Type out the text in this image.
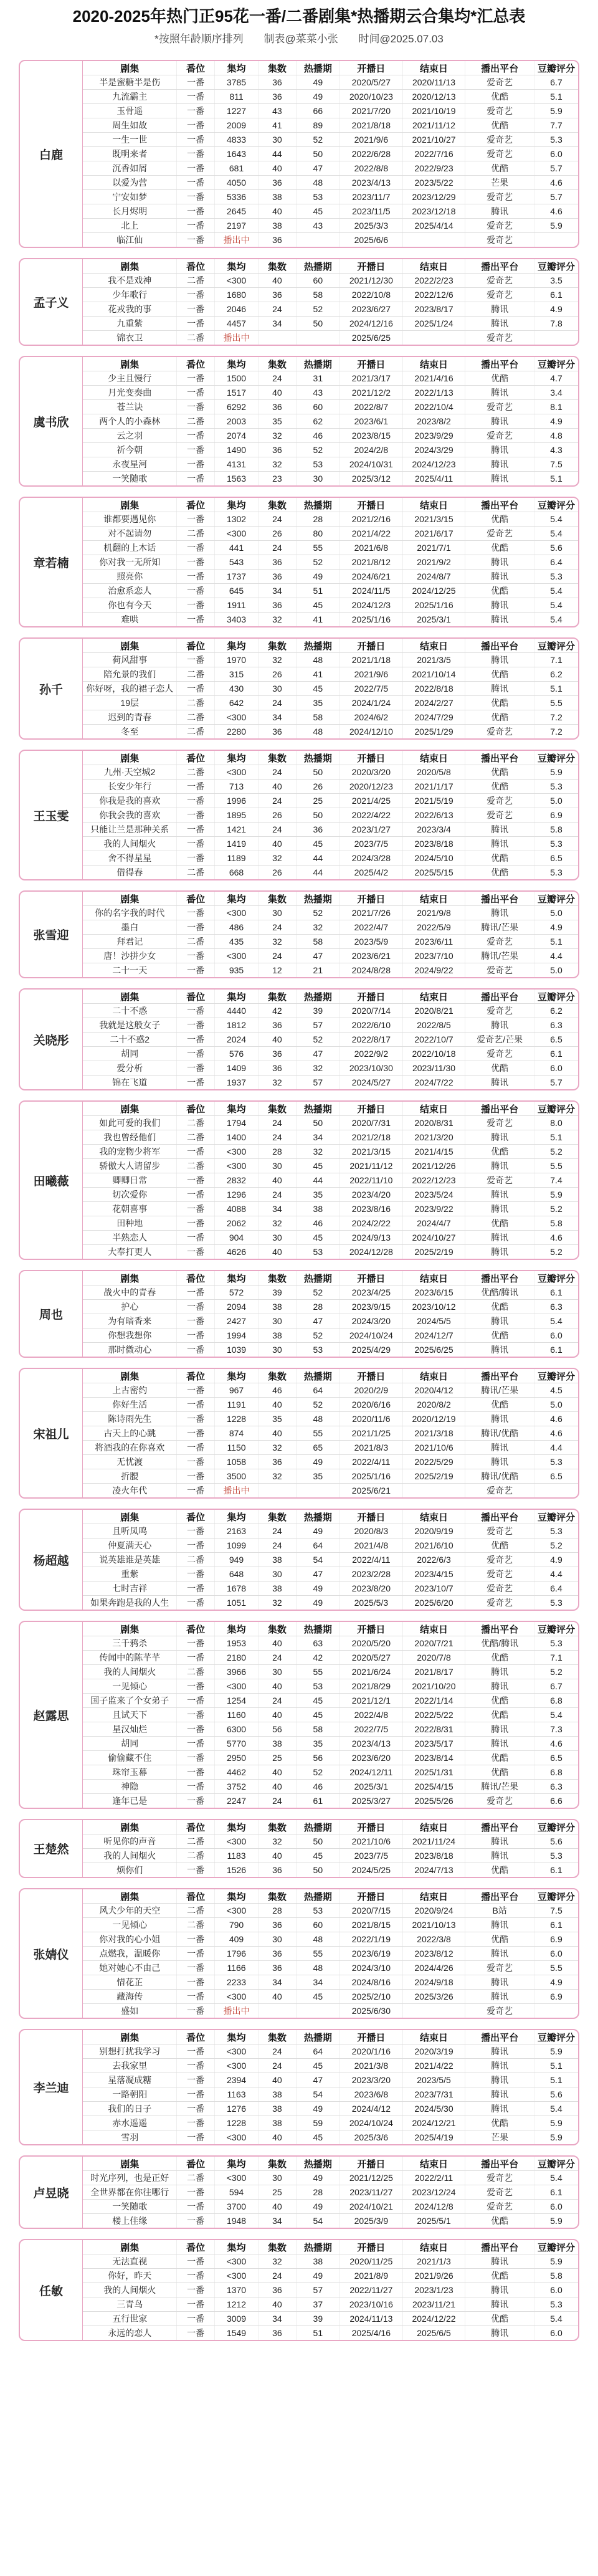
2020-2025年热门正95花一番/二番剧集*热播期云合集均*汇总表
*按照年龄顺序排列 制表@菜菜小张 时间@2025.07.03
白鹿
剧集	番位	集均	集数	热播期	开播日	结束日	播出平台	豆瓣评分
半是蜜糖半是伤	一番	3785	36	49	2020/5/27	2020/11/13	爱奇艺	6.7
九流霸主	一番	811	36	49	2020/10/23	2020/12/13	优酷	5.1
玉骨遥	一番	1227	43	66	2021/7/20	2021/10/19	爱奇艺	5.9
周生如故	一番	2009	41	89	2021/8/18	2021/11/12	优酷	7.7
一生一世	一番	4833	30	52	2021/9/6	2021/10/27	爱奇艺	5.3
既明来者	一番	1643	44	50	2022/6/28	2022/7/16	爱奇艺	6.0
沉香如屑	一番	681	40	47	2022/8/8	2022/9/23	优酷	5.7
以爱为营	一番	4050	36	48	2023/4/13	2023/5/22	芒果	4.6
宁安如梦	一番	5336	38	53	2023/11/7	2023/12/29	爱奇艺	5.7
长月烬明	一番	2645	40	45	2023/11/5	2023/12/18	腾讯	4.6
北上	一番	2197	38	43	2025/3/3	2025/4/14	爱奇艺	5.9
临江仙	一番	播出中	36		2025/6/6		爱奇艺	
孟子义
剧集	番位	集均	集数	热播期	开播日	结束日	播出平台	豆瓣评分
我不是戏神	二番	<300	40	60	2021/12/30	2022/2/23	爱奇艺	3.5
少年歌行	一番	1680	36	58	2022/10/8	2022/12/6	爱奇艺	6.1
花戎我的事	一番	2046	24	52	2023/6/27	2023/8/17	腾讯	4.9
九重紫	一番	4457	34	50	2024/12/16	2025/1/24	腾讯	7.8
锦衣卫	二番	播出中			2025/6/25		爱奇艺	
虞书欣
剧集	番位	集均	集数	热播期	开播日	结束日	播出平台	豆瓣评分
少主且慢行	一番	1500	24	31	2021/3/17	2021/4/16	优酷	4.7
月光变奏曲	一番	1517	40	43	2021/12/2	2022/1/13	腾讯	3.4
苍兰诀	一番	6292	36	60	2022/8/7	2022/10/4	爱奇艺	8.1
两个人的小森林	二番	2003	35	62	2023/6/1	2023/8/2	腾讯	4.9
云之羽	一番	2074	32	46	2023/8/15	2023/9/29	爱奇艺	4.8
祈今朝	一番	1490	36	52	2024/2/8	2024/3/29	腾讯	4.3
永夜星河	一番	4131	32	53	2024/10/31	2024/12/23	腾讯	7.5
一笑随歌	一番	1563	23	30	2025/3/12	2025/4/11	腾讯	5.1
章若楠
剧集	番位	集均	集数	热播期	开播日	结束日	播出平台	豆瓣评分
谁都要遇见你	一番	1302	24	28	2021/2/16	2021/3/15	优酷	5.4
对不起请勿	二番	<300	26	80	2021/4/22	2021/6/17	爱奇艺	5.4
机翻的上木话	一番	441	24	55	2021/6/8	2021/7/1	优酷	5.6
你对我一无所知	一番	543	36	52	2021/8/12	2021/9/2	腾讯	6.4
照亮你	一番	1737	36	49	2024/6/21	2024/8/7	腾讯	5.3
治愈系恋人	一番	645	34	51	2024/11/5	2024/12/25	优酷	5.4
你也有今天	一番	1911	36	45	2024/12/3	2025/1/16	腾讯	5.4
难哄	一番	3403	32	41	2025/1/16	2025/3/1	腾讯	5.4
孙千
剧集	番位	集均	集数	热播期	开播日	结束日	播出平台	豆瓣评分
荷风甜事	一番	1970	32	48	2021/1/18	2021/3/5	腾讯	7.1
陪允景的我们	二番	315	26	41	2021/9/6	2021/10/14	优酷	6.2
你好呀，我的裙子恋人	一番	430	30	45	2022/7/5	2022/8/18	腾讯	5.1
19层	二番	642	24	35	2024/1/24	2024/2/27	优酷	5.5
迟到的青春	二番	<300	34	58	2024/6/2	2024/7/29	优酷	7.2
冬至	二番	2280	36	48	2024/12/10	2025/1/29	爱奇艺	7.2
王玉雯
剧集	番位	集均	集数	热播期	开播日	结束日	播出平台	豆瓣评分
九州·天空城2	二番	<300	24	50	2020/3/20	2020/5/8	优酷	5.9
长安少年行	一番	713	40	26	2020/12/23	2021/1/17	优酷	5.3
你我是我的喜欢	一番	1996	24	25	2021/4/25	2021/5/19	爱奇艺	5.0
你我会我的喜欢	一番	1895	26	50	2022/4/22	2022/6/13	爱奇艺	6.9
只能让兰是那种关系	一番	1421	24	36	2023/1/27	2023/3/4	腾讯	5.8
我的人间烟火	一番	1419	40	45	2023/7/5	2023/8/18	腾讯	5.3
舍不得星星	一番	1189	32	44	2024/3/28	2024/5/10	优酷	6.5
借得春	二番	668	26	44	2025/4/2	2025/5/15	优酷	5.3
张雪迎
剧集	番位	集均	集数	热播期	开播日	结束日	播出平台	豆瓣评分
你的名字我的时代	一番	<300	30	52	2021/7/26	2021/9/8	腾讯	5.0
墨白	一番	486	24	32	2022/4/7	2022/5/9	腾讯/芒果	4.9
拜君记	二番	435	32	58	2023/5/9	2023/6/11	爱奇艺	5.1
唐！沙拼少女	一番	<300	24	47	2023/6/21	2023/7/10	腾讯/芒果	4.4
二十一天	一番	935	12	21	2024/8/28	2024/9/22	爱奇艺	5.0
关晓彤
剧集	番位	集均	集数	热播期	开播日	结束日	播出平台	豆瓣评分
二十不惑	一番	4440	42	39	2020/7/14	2020/8/21	爱奇艺	6.2
我就是这般女子	一番	1812	36	57	2022/6/10	2022/8/5	腾讯	6.3
二十不惑2	一番	2024	40	52	2022/8/17	2022/10/7	爱奇艺/芒果	6.5
胡同	一番	576	36	47	2022/9/2	2022/10/18	爱奇艺	6.1
爱分析	一番	1409	36	32	2023/10/30	2023/11/30	优酷	6.0
锦在飞道	一番	1937	32	57	2024/5/27	2024/7/22	腾讯	5.7
田曦薇
剧集	番位	集均	集数	热播期	开播日	结束日	播出平台	豆瓣评分
如此可爱的我们	二番	1794	24	50	2020/7/31	2020/8/31	爱奇艺	8.0
我也曾经他们	二番	1400	24	34	2021/2/18	2021/3/20	腾讯	5.1
我的宠物少将军	一番	<300	28	32	2021/3/15	2021/4/15	优酷	5.2
骄傲大人请留步	二番	<300	30	45	2021/11/12	2021/12/26	腾讯	5.5
卿卿日常	一番	2832	40	44	2022/11/10	2022/12/23	爱奇艺	7.4
切次爱你	一番	1296	24	35	2023/4/20	2023/5/24	腾讯	5.9
花朝喜事	一番	4088	34	38	2023/8/16	2023/9/22	腾讯	5.2
田种地	一番	2062	32	46	2024/2/22	2024/4/7	优酷	5.8
半熟恋人	一番	904	30	45	2024/9/13	2024/10/27	腾讯	4.6
大奉打更人	一番	4626	40	53	2024/12/28	2025/2/19	腾讯	5.2
周也
剧集	番位	集均	集数	热播期	开播日	结束日	播出平台	豆瓣评分
战火中的青春	一番	572	39	52	2023/4/25	2023/6/15	优酷/腾讯	6.1
护心	一番	2094	38	28	2023/9/15	2023/10/12	优酷	6.3
为有暗香来	一番	2427	30	47	2024/3/20	2024/5/5	腾讯	5.4
你想我想你	一番	1994	38	52	2024/10/24	2024/12/7	优酷	6.0
那时微动心	一番	1039	30	53	2025/4/29	2025/6/25	腾讯	6.1
宋祖儿
剧集	番位	集均	集数	热播期	开播日	结束日	播出平台	豆瓣评分
上古密约	一番	967	46	64	2020/2/9	2020/4/12	腾讯/芒果	4.5
你好生活	一番	1191	40	52	2020/6/16	2020/8/2	优酷	5.0
陈诗雨先生	一番	1228	35	48	2020/11/6	2020/12/19	腾讯	4.6
古天上的心跳	一番	874	40	55	2021/1/25	2021/3/18	腾讯/优酷	4.6
将酒我的在你喜欢	一番	1150	32	65	2021/8/3	2021/10/6	腾讯	4.4
无忧渡	一番	1058	36	49	2022/4/11	2022/5/29	腾讯	5.3
折腰	一番	3500	32	35	2025/1/16	2025/2/19	腾讯/优酷	6.5
凌火年代	一番	播出中			2025/6/21		爱奇艺	
杨超越
剧集	番位	集均	集数	热播期	开播日	结束日	播出平台	豆瓣评分
且听凤鸣	一番	2163	24	49	2020/8/3	2020/9/19	爱奇艺	5.3
仲夏满天心	一番	1099	24	64	2021/4/8	2021/6/10	优酷	5.2
说英雄谁是英雄	二番	949	38	54	2022/4/11	2022/6/3	爱奇艺	4.9
重紫	一番	648	30	47	2023/2/28	2023/4/15	爱奇艺	4.4
七时吉祥	一番	1678	38	49	2023/8/20	2023/10/7	爱奇艺	6.4
如果奔跑是我的人生	一番	1051	32	49	2025/5/3	2025/6/20	爱奇艺	5.3
赵露思
剧集	番位	集均	集数	热播期	开播日	结束日	播出平台	豆瓣评分
三千鸦杀	一番	1953	40	63	2020/5/20	2020/7/21	优酷/腾讯	5.3
传闻中的陈芊芊	一番	2180	24	42	2020/5/27	2020/7/8	优酷	7.1
我的人间烟火	二番	3966	30	55	2021/6/24	2021/8/17	腾讯	5.2
一见倾心	一番	<300	40	53	2021/8/29	2021/10/20	腾讯	6.7
国子监来了个女弟子	一番	1254	24	45	2021/12/1	2022/1/14	优酷	6.8
且试天下	一番	1160	40	45	2022/4/8	2022/5/22	优酷	5.4
星汉灿烂	一番	6300	56	58	2022/7/5	2022/8/31	腾讯	7.3
胡同	一番	5770	38	35	2023/4/13	2023/5/17	腾讯	4.6
偷偷藏不住	一番	2950	25	56	2023/6/20	2023/8/14	优酷	6.5
珠帘玉幕	一番	4462	40	52	2024/12/11	2025/1/31	优酷	6.8
神隐	一番	3752	40	46	2025/3/1	2025/4/15	腾讯/芒果	6.3
逢年已是	一番	2247	24	61	2025/3/27	2025/5/26	爱奇艺	6.6
王楚然
剧集	番位	集均	集数	热播期	开播日	结束日	播出平台	豆瓣评分
听见你的声音	二番	<300	32	50	2021/10/6	2021/11/24	腾讯	5.6
我的人间烟火	二番	1183	40	45	2023/7/5	2023/8/18	腾讯	5.3
烦你们	一番	1526	36	50	2024/5/25	2024/7/13	优酷	6.1
张婧仪
剧集	番位	集均	集数	热播期	开播日	结束日	播出平台	豆瓣评分
风犬少年的天空	二番	<300	28	53	2020/7/15	2020/9/24	B站	7.5
一见倾心	二番	790	36	60	2021/8/15	2021/10/13	腾讯	6.1
你对我的心小姐	一番	409	30	48	2022/1/19	2022/3/8	优酷	6.9
点燃我，温暖你	一番	1796	36	55	2023/6/19	2023/8/12	腾讯	6.0
她对她心不由己	一番	1166	36	48	2024/3/10	2024/4/26	爱奇艺	5.5
惜花芷	一番	2233	34	34	2024/8/16	2024/9/18	腾讯	4.9
藏海传	一番	<300	40	45	2025/2/10	2025/3/26	腾讯	6.9
盛如	一番	播出中			2025/6/30		爱奇艺	
李兰迪
剧集	番位	集均	集数	热播期	开播日	结束日	播出平台	豆瓣评分
别想打扰我学习	一番	<300	24	64	2020/1/16	2020/3/19	腾讯	5.9
去我家里	一番	<300	24	45	2021/3/8	2021/4/22	腾讯	5.1
星落凝成糖	一番	2394	40	47	2023/3/20	2023/5/5	腾讯	5.1
一路朝阳	一番	1163	38	54	2023/6/8	2023/7/31	腾讯	5.6
我们的日子	一番	1276	38	49	2024/4/12	2024/5/30	腾讯	5.4
赤水遥遥	一番	1228	38	59	2024/10/24	2024/12/21	优酷	5.9
雪羽	一番	<300	40	45	2025/3/6	2025/4/19	芒果	5.9
卢昱晓
剧集	番位	集均	集数	热播期	开播日	结束日	播出平台	豆瓣评分
时光序列，也是正好	二番	<300	30	49	2021/12/25	2022/2/11	爱奇艺	5.4
全世界都在你往哪行	一番	594	25	28	2023/11/27	2023/12/24	爱奇艺	6.1
一笑随歌	一番	3700	40	49	2024/10/21	2024/12/8	爱奇艺	6.0
楼上佳缘	一番	1948	34	54	2025/3/9	2025/5/1	优酷	5.9
任敏
剧集	番位	集均	集数	热播期	开播日	结束日	播出平台	豆瓣评分
无法直视	一番	<300	32	38	2020/11/25	2021/1/3	腾讯	5.9
你好，昨天	一番	<300	24	49	2021/8/9	2021/9/26	优酷	5.8
我的人间烟火	一番	1370	36	57	2022/11/27	2023/1/23	腾讯	6.0
三青鸟	一番	1212	40	37	2023/10/16	2023/11/21	腾讯	5.3
五行世家	一番	3009	34	39	2024/11/13	2024/12/22	优酷	5.4
永远的恋人	一番	1549	36	51	2025/4/16	2025/6/5	腾讯	6.0
